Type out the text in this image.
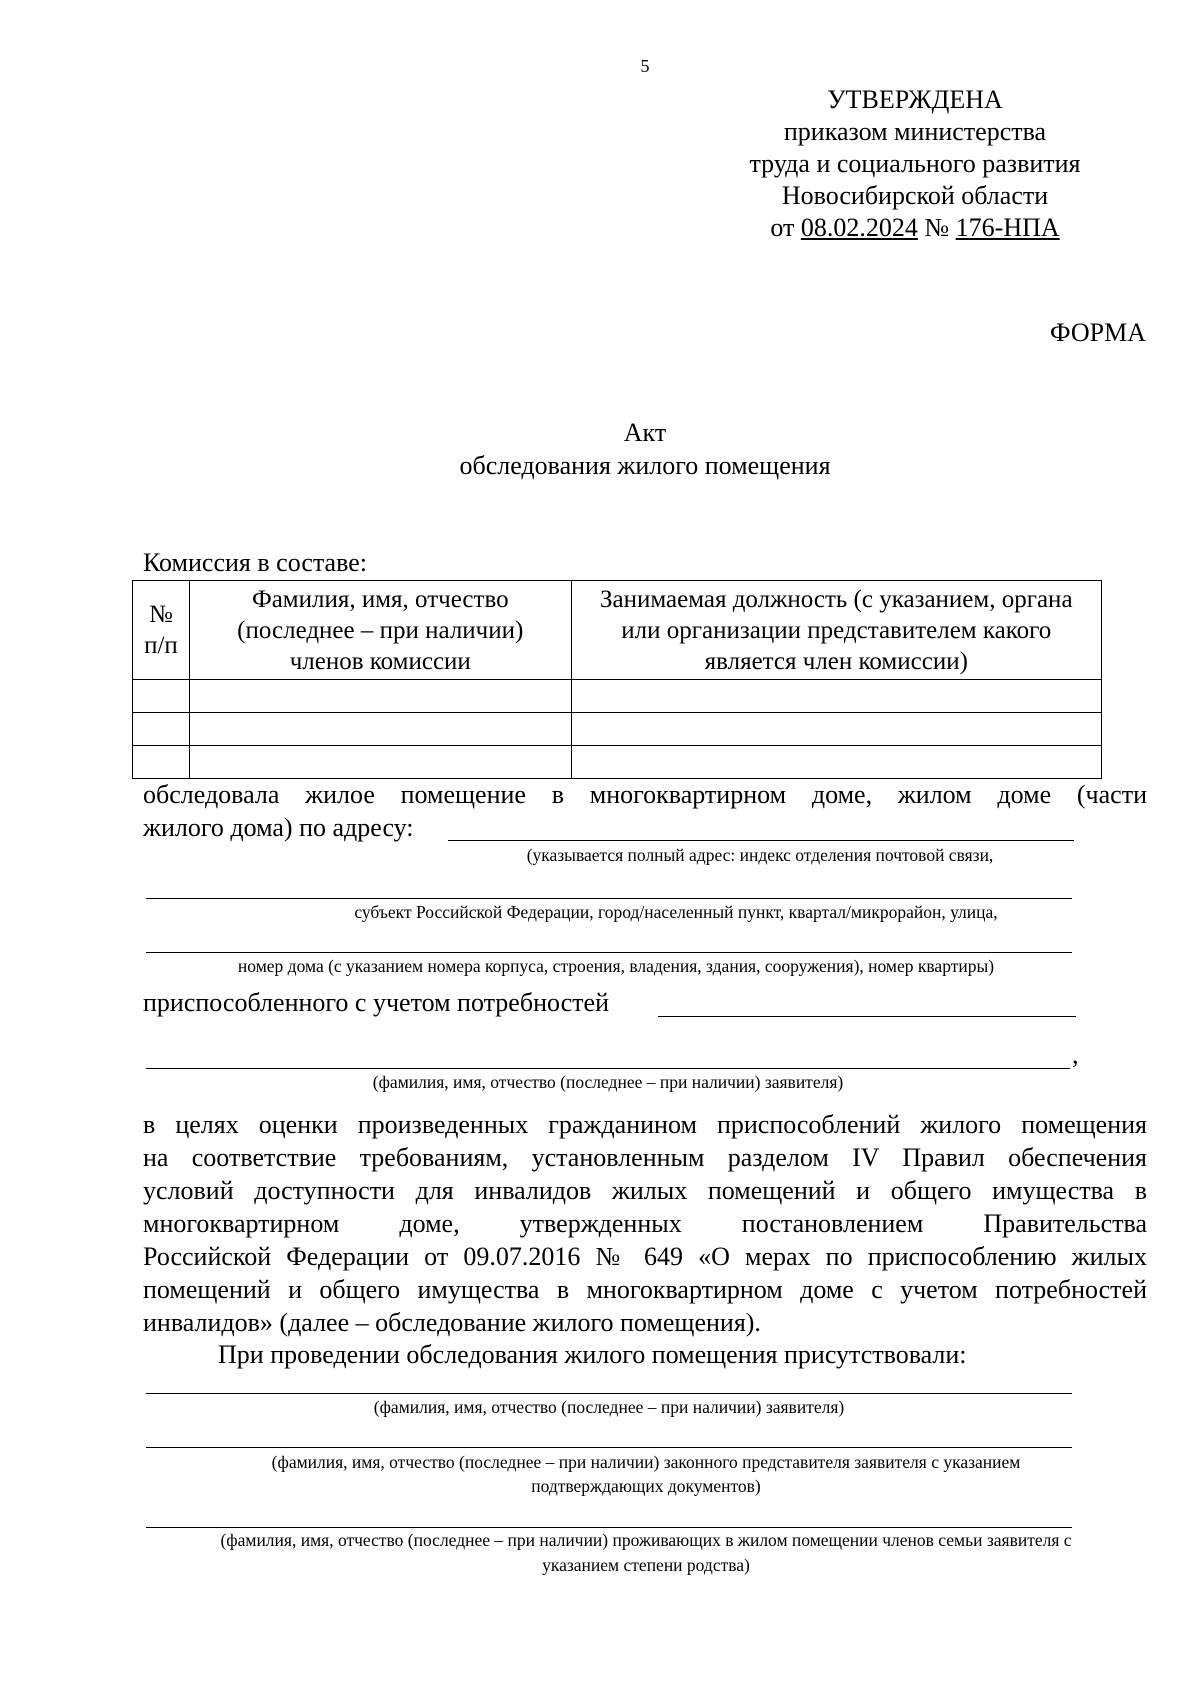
5
УТВЕРЖДЕНА
приказом министерства
труда и социального развития
Новосибирской области
от 08.02.2024 № 176-НПА
ФОРМА
Акт
обследования жилого помещения
Комиссия в составе:
№ п/п	Фамилия, имя, отчество (последнее – при наличии) членов комиссии	Занимаемая должность (с указанием, органа или организации представителем какого является член комиссии)

обследовала жилое помещение в многоквартирном доме, жилом доме (части
жилого дома) по адресу:
(указывается полный адрес: индекс отделения почтовой связи,
субъект Российской Федерации, город/населенный пункт, квартал/микрорайон, улица,
номер дома (с указанием номера корпуса, строения, владения, здания, сооружения), номер квартиры)
приспособленного с учетом потребностей
,
(фамилия, имя, отчество (последнее – при наличии) заявителя)
в целях оценки произведенных гражданином приспособлений жилого помещения
на соответствие требованиям, установленным разделом IV Правил обеспечения
условий доступности для инвалидов жилых помещений и общего имущества в
многоквартирном доме, утвержденных постановлением Правительства
Российской Федерации от 09.07.2016 № 649 «О мерах по приспособлению жилых
помещений и общего имущества в многоквартирном доме с учетом потребностей
инвалидов» (далее – обследование жилого помещения).
При проведении обследования жилого помещения присутствовали:
(фамилия, имя, отчество (последнее – при наличии) заявителя)
(фамилия, имя, отчество (последнее – при наличии) законного представителя заявителя с указанием
подтверждающих документов)
(фамилия, имя, отчество (последнее – при наличии) проживающих в жилом помещении членов семьи заявителя с
указанием степени родства)
